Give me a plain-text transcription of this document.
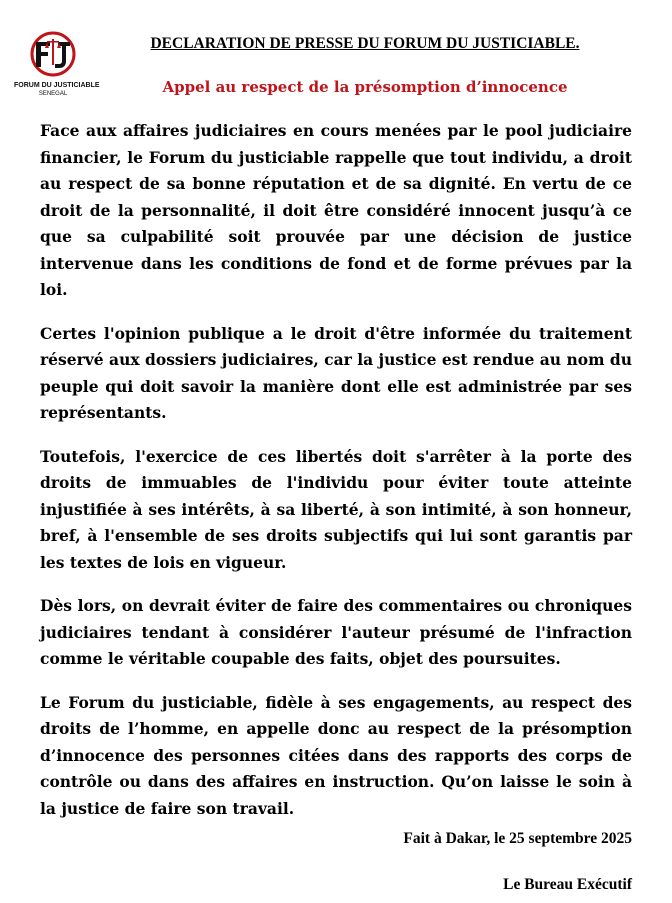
FORUM DU JUSTICIABLE
SENEGAL
DECLARATION DE PRESSE DU FORUM DU JUSTICIABLE.
Appel au respect de la présomption d’innocence

Face aux affaires judiciaires en cours menées par le pool judiciaire financier, le Forum du justiciable rappelle que tout individu, a droit au respect de sa bonne réputation et de sa dignité. En vertu de ce droit de la personnalité, il doit être considéré innocent jusqu’à ce que sa culpabilité soit prouvée par une décision de justice intervenue dans les conditions de fond et de forme prévues par la loi.

Certes l'opinion publique a le droit d'être informée du traitement réservé aux dossiers judiciaires, car la justice est rendue au nom du peuple qui doit savoir la manière dont elle est administrée par ses représentants.

Toutefois, l'exercice de ces libertés doit s'arrêter à la porte des droits de immuables de l'individu pour éviter toute atteinte injustifiée à ses intérêts, à sa liberté, à son intimité, à son honneur, bref, à l'ensemble de ses droits subjectifs qui lui sont garantis par les textes de lois en vigueur.

Dès lors, on devrait éviter de faire des commentaires ou chroniques judiciaires tendant à considérer l'auteur présumé de l'infraction comme le véritable coupable des faits, objet des poursuites.

Le Forum du justiciable, fidèle à ses engagements, au respect des droits de l’homme, en appelle donc au respect de la présomption d’innocence des personnes citées dans des rapports des corps de contrôle ou dans des affaires en instruction. Qu’on laisse le soin à la justice de faire son travail.

Fait à Dakar, le 25 septembre 2025
Le Bureau Exécutif
